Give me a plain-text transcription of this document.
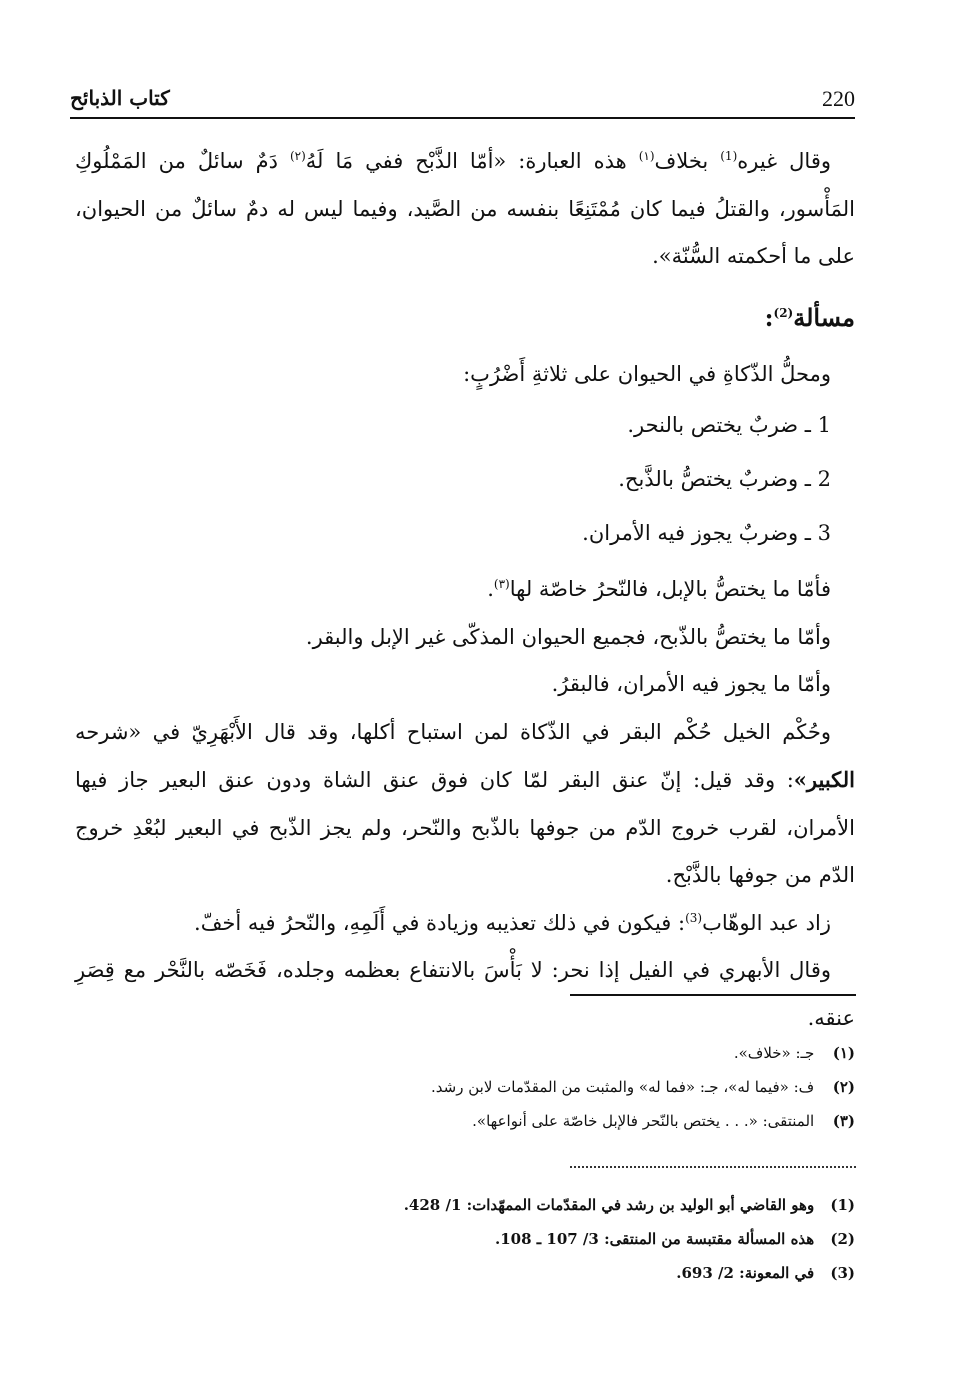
كتاب الذبائح	220

وقال غيره$^{(1)}$ بخلاف$^{(١)}$ هذه العبارة: «أمّا الذَّبْح ففي مَا لَهُ$^{(٢)}$ دَمٌ سائلٌ من المَمْلُوكِ المَأْسور، والقتلُ فيما كان مُمْتَنِعًا بنفسه من الصَّيد، وفيما ليس له دمٌ سائلٌ من الحيوان، على ما أحكمته السُّنّة».

مسألة$^{(2)}$:

ومحلُّ الذّكاةِ في الحيوان على ثلاثةِ أَضْرُبٍ:

1 ـ ضربٌ يختص بالنحر.
2 ـ وضربٌ يختصُّ بالذَّبح.
3 ـ وضربٌ يجوز فيه الأمران.

فأمّا ما يختصُّ بالإبل، فالنّحرُ خاصّة لها$^{(٣)}$.

وأمّا ما يختصُّ بالذّبح، فجميع الحيوان المذكّى غير الإبل والبقر.

وأمّا ما يجوز فيه الأمران، فالبقرُ.

وحُكْم الخيل حُكْم البقر في الذّكاة لمن استباح أكلها، وقد قال الأَبْهَرِيّ في «شرحه الكبير»: وقد قيل: إنّ عنق البقر لمّا كان فوق عنق الشاة ودون عنق البعير جاز فيها الأمران، لقرب خروج الدّم من جوفها بالذّبح والنّحر، ولم يجز الذّبح في البعير لبُعْدِ خروج الدّم من جوفها بالذَّبْح.

زاد عبد الوهّاب$^{(3)}$: فيكون في ذلك تعذيبه وزيادة في أَلَمِهِ، والنّحرُ فيه أخفّ.

وقال الأبهري في الفيل إذا نحر: لا بَأْسَ بالانتفاع بعظمه وجلده، فَخَصّه بالنَّحْر مع قِصَرِ عنقه.

(١) جـ: «خلاف».
(٢) ف: «فيما له»، جـ: «فما له» والمثبت من المقدّمات لابن رشد.
(٣) المنتقى: «. . . يختص بالنّحر فالإبل خاصّة على أنواعها».
(1) وهو القاضي أبو الوليد بن رشد في المقدّمات الممهّدات: 1/ 428.
(2) هذه المسألة مقتبسة من المنتقى: 3/ 107 ـ 108.
(3) في المعونة: 2/ 693.
